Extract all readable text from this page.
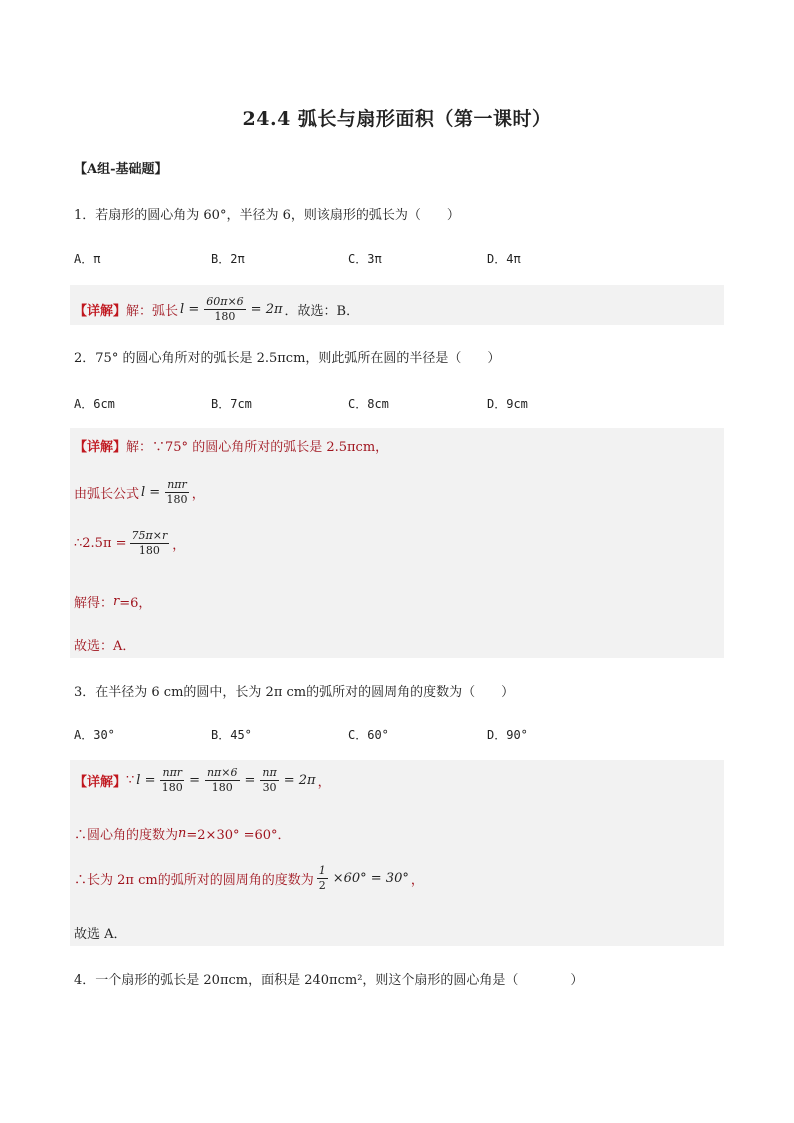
24.4 弧长与扇形面积（第一课时）
【A组-基础题】
1．若扇形的圆心角为 60°，半径为 6，则该扇形的弧长为（　　）
A．π	B．2π	C．3π	D．4π
【详解】 解：弧长 $l = \frac{60\pi\times 6}{180} = 2\pi$ ．故选：B．
2．75° 的圆心角所对的弧长是 2.5πcm，则此弧所在圆的半径是（　　）
A．6cm	B．7cm	C．8cm	D．9cm
【详解】 解：∵75° 的圆心角所对的弧长是 2.5πcm，
由弧长公式 $l = \frac{\text{nπr}}{180}$ ，
∴2.5π = $\frac{75\pi\times r}{180}$ ，
解得： r =6，
故选：A．
3．在半径为 6 cm的圆中，长为 2π cm的弧所对的圆周角的度数为（　　）
A．30°	B．45°	C．60°	D．90°
【详解】 ∵ $l = \frac{\text{nπr}}{180} = \frac{n\pi\times 6}{180} = \frac{n\pi}{30} = 2\pi$ ，
∴圆心角的度数为 n =2×30° =60°．
∴长为 2π cm的弧所对的圆周角的度数为 $\frac{1}{2} \times 60^\circ = 30^\circ$ ，
故选 A．
4．一个扇形的弧长是 20πcm，面积是 240πcm²，则这个扇形的圆心角是（　　　　）
